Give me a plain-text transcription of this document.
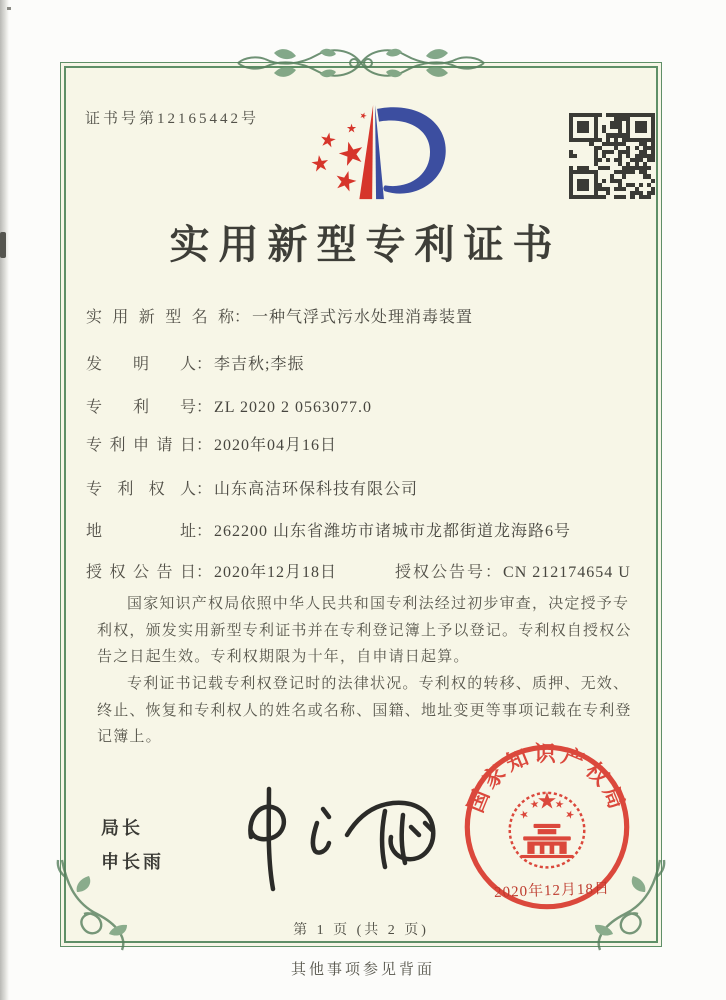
证书号第12165442号
实用新型专利证书
实用新型名称： 一种气浮式污水处理消毒装置
发明人： 李吉秋;李振
专利号： ZL 2020 2 0563077.0
专利申请日： 2020年04月16日
专利权人： 山东高洁环保科技有限公司
地址： 262200 山东省潍坊市诸城市龙都街道龙海路6号
授权公告日： 2020年12月18日	授权公告号： CN 212174654 U

国家知识产权局依照中华人民共和国专利法经过初步审查，决定授予专利权，颁发实用新型专利证书并在专利登记簿上予以登记。专利权自授权公告之日起生效。专利权期限为十年，自申请日起算。

专利证书记载专利权登记时的法律状况。专利权的转移、质押、无效、终止、恢复和专利权人的姓名或名称、国籍、地址变更等事项记载在专利登记簿上。

局长
申长雨
国家知识产权局
2020年12月18日
第 1 页 (共 2 页)
其他事项参见背面
